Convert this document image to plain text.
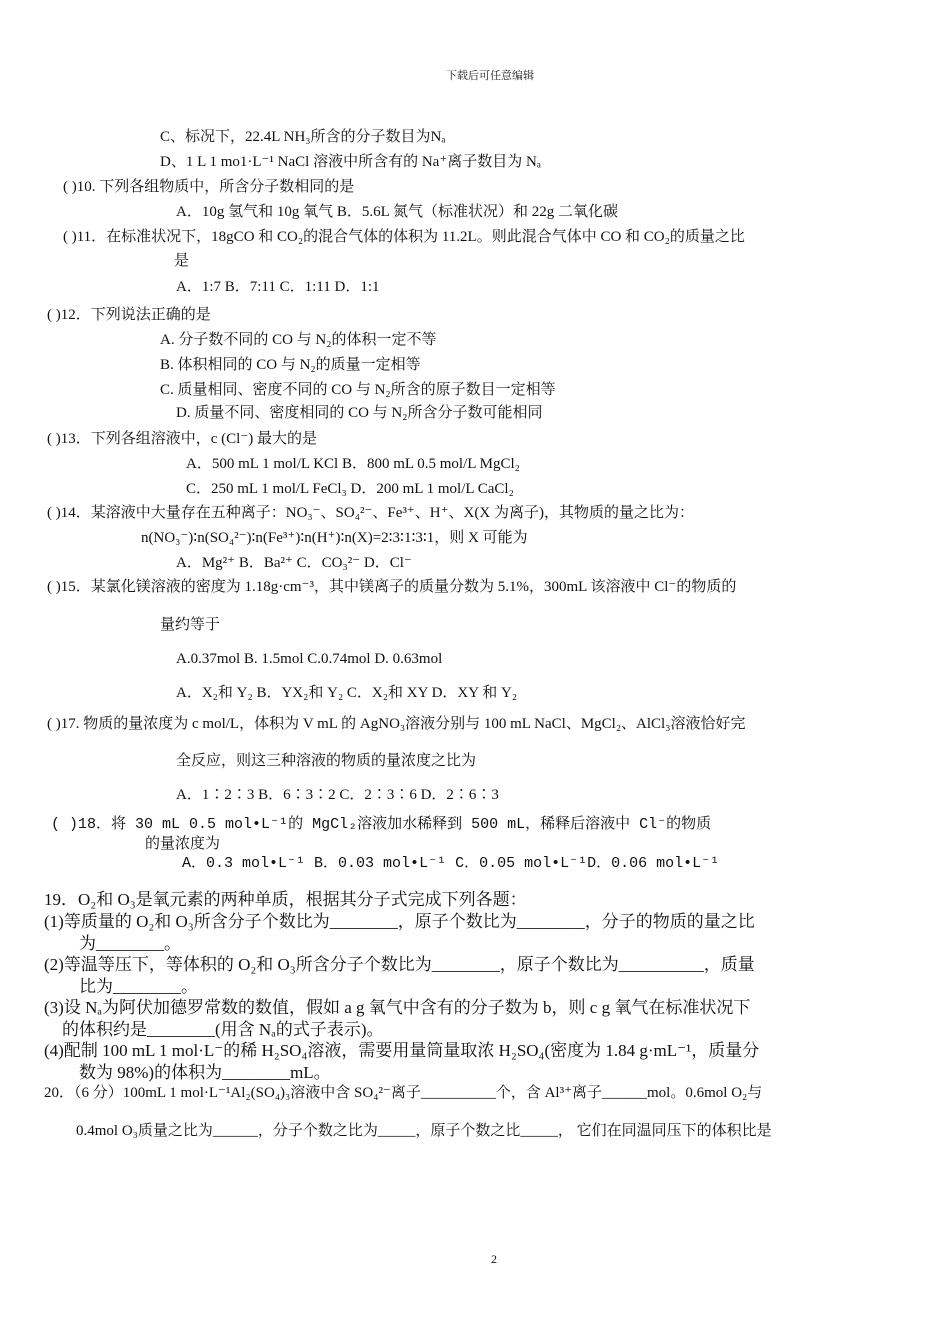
下载后可任意编辑
C、标况下，22.4L NH₃所含的分子数目为Nₐ
D、1 L 1 mo1·L⁻¹ NaCl 溶液中所含有的 Na⁺离子数目为 Nₐ
( )10. 下列各组物质中，所含分子数相同的是
A．10g 氢气和 10g 氧气 B．5.6L 氮气（标准状况）和 22g 二氧化碳
( )11．在标准状况下，18gCO 和 CO₂的混合气体的体积为 11.2L。则此混合气体中 CO 和 CO₂的质量之比
是
A．1:7 B．7:11 C．1:11 D．1:1
( )12．下列说法正确的是
A. 分子数不同的 CO 与 N₂的体积一定不等
B. 体积相同的 CO 与 N₂的质量一定相等
C. 质量相同、密度不同的 CO 与 N₂所含的原子数目一定相等
D. 质量不同、密度相同的 CO 与 N₂所含分子数可能相同
( )13．下列各组溶液中，c (Cl⁻) 最大的是
A．500 mL 1 mol/L KCl B．800 mL 0.5 mol/L MgCl₂
C．250 mL 1 mol/L FeCl₃ D．200 mL 1 mol/L CaCl₂
( )14．某溶液中大量存在五种离子：NO₃⁻、SO₄²⁻、Fe³⁺、H⁺、X(X 为离子)，其物质的量之比为：
n(NO₃⁻)∶n(SO₄²⁻)∶n(Fe³⁺)∶n(H⁺)∶n(X)=2∶3∶1∶3∶1，则 X 可能为
A．Mg²⁺ B．Ba²⁺ C．CO₃²⁻ D．Cl⁻
( )15．某氯化镁溶液的密度为 1.18g·cm⁻³，其中镁离子的质量分数为 5.1%，300mL 该溶液中 Cl⁻的物质的
量约等于
A.0.37mol B. 1.5mol C.0.74mol D. 0.63mol
A．X₂和 Y₂ B．YX₂和 Y₂ C．X₂和 XY D．XY 和 Y₂
( )17. 物质的量浓度为 c mol/L，体积为 V mL 的 AgNO₃溶液分别与 100 mL NaCl、MgCl₂、AlCl₃溶液恰好完
全反应，则这三种溶液的物质的量浓度之比为
A．1∶2∶3 B．6∶3∶2 C．2∶3∶6 D．2∶6∶3
( )18．将 30 mL 0.5 mol•L⁻¹的 MgCl₂溶液加水稀释到 500 mL，稀释后溶液中 Cl⁻的物质
的量浓度为
A．0.3 mol•L⁻¹ B．0.03 mol•L⁻¹ C．0.05 mol•L⁻¹D．0.06 mol•L⁻¹
19．O₂和 O₃是氧元素的两种单质，根据其分子式完成下列各题：
(1)等质量的 O₂和 O₃所含分子个数比为________，原子个数比为________，分子的物质的量之比
为________。
(2)等温等压下，等体积的 O₂和 O₃所含分子个数比为________，原子个数比为__________，质量
比为________。
(3)设 Nₐ为阿伏加德罗常数的数值，假如 a g 氧气中含有的分子数为 b，则 c g 氧气在标准状况下
的体积约是________(用含 Nₐ的式子表示)。
(4)配制 100 mL 1 mol·L⁻的稀 H₂SO₄溶液，需要用量筒量取浓 H₂SO₄(密度为 1.84 g·mL⁻¹，质量分
数为 98%)的体积为________mL。
20．（6 分）100mL 1 mol·L⁻¹Al₂(SO₄)₃溶液中含 SO₄²⁻离子__________个，含 Al³⁺离子______mol。0.6mol O₂与
0.4mol O₃质量之比为______，分子个数之比为_____，原子个数之比_____， 它们在同温同压下的体积比是
2
